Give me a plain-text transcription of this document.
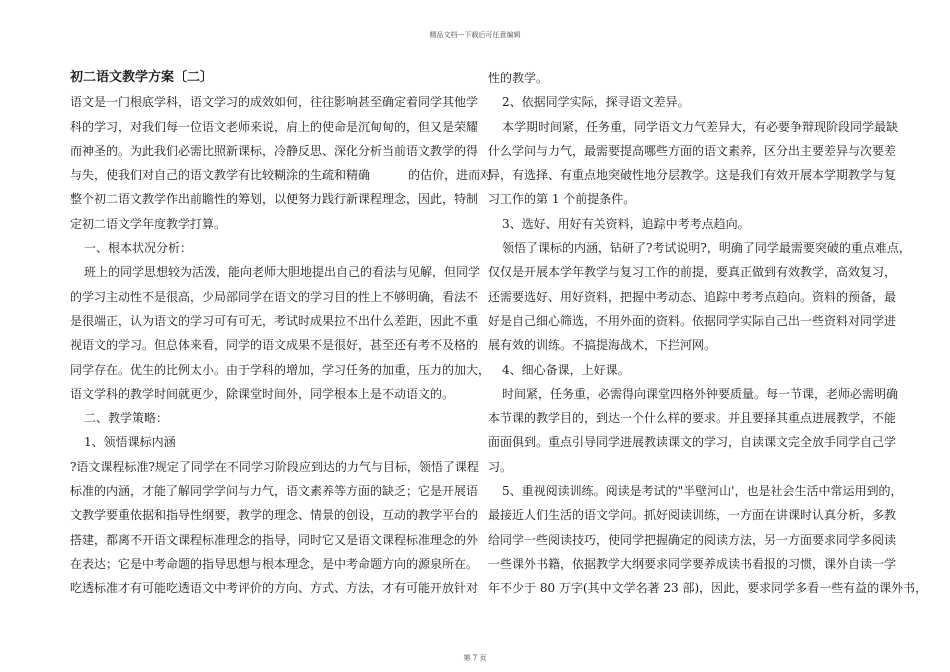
精品文档---下载后可任意编辑
初二语文教学方案〔二〕
语文是一门根底学科，语文学习的成效如何，往往影响甚至确定着同学其他学
科的学习，对我们每一位语文老师来说，肩上的使命是沉甸甸的，但又是荣耀
而神圣的。为此我们必需比照新课标，冷静反思、深化分析当前语文教学的得
与失，使我们对自己的语文教学有比较糊涂的生疏和精确          的估价，进而对
整个初二语文教学作出前瞻性的筹划，以便努力践行新课程理念，因此，特制
定初二语文学年度教学打算。
一、根本状况分析：
班上的同学思想较为活泼，能向老师大胆地提出自己的看法与见解，但同学
的学习主动性不是很高，少局部同学在语文的学习目的性上不够明确，看法不
是很端正，认为语文的学习可有可无，考试时成果拉不出什么差距，因此不重
视语文的学习。但总体来看，同学的语文成果不是很好，甚至还有考不及格的
同学存在。优生的比例太小。由于学科的增加，学习任务的加重，压力的加大，
语文学科的教学时间就更少，除课堂时间外，同学根本上是不动语文的。
二、教学策略：
1、领悟课标内涵
?语文课程标准?规定了同学在不同学习阶段应到达的力气与目标，领悟了课程
标准的内涵，才能了解同学学问与力气，语文素养等方面的缺乏；它是开展语
文教学要重依据和指导性纲要，教学的理念、情景的创设，互动的教学平台的
搭建，都离不开语文课程标准理念的指导，同时它又是语文课程标准理念的外
在表达；它是中考命题的指导思想与根本理念，是中考命题方向的源泉所在。
吃透标准才有可能吃透语文中考评价的方向、方式、方法，才有可能开放针对
性的教学。
2、依据同学实际，探寻语文差异。
本学期时间紧，任务重，同学语文力气差异大，有必要争辩现阶段同学最缺
什么学问与力气，最需要提高哪些方面的语文素养，区分出主要差异与次要差
异，有选择、有重点地突破性地分层教学。这是我们有效开展本学期教学与复
习工作的第 1 个前提条件。
3、选好、用好有关资料，追踪中考考点趋向。
领悟了课标的内涵，钻研了?考试说明?，明确了同学最需要突破的重点难点，
仅仅是开展本学年教学与复习工作的前提，要真正做到有效教学，高效复习，
还需要选好、用好资料，把握中考动态、追踪中考考点趋向。资料的预备，最
好是自己细心筛选，不用外面的资料。依据同学实际自己出一些资料对同学进
展有效的训练。不搞提海战术，下拦河网。
4、细心备课，上好课。
时间紧，任务重，必需得向课堂四格外钟要质量。每一节课，老师必需明确
本节课的教学目的，到达一个什么样的要求。并且要择其重点进展教学，不能
面面俱到。重点引导同学进展教读课文的学习，自读课文完全放手同学自己学
习。
5、重视阅读训练。阅读是考试的"半壁河山'，也是社会生活中常运用到的，
最接近人们生活的语文学问。抓好阅读训练，一方面在讲课时认真分析，多教
给同学一些阅读技巧，使同学把握确定的阅读方法，另一方面要求同学多阅读
一些课外书籍，依据教学大纲要求同学要养成读书看报的习惯，课外自读一学
年不少于 80 万字(其中文学名著 23 部)，因此，要求同学多看一些有益的课外书，
第 7 页
